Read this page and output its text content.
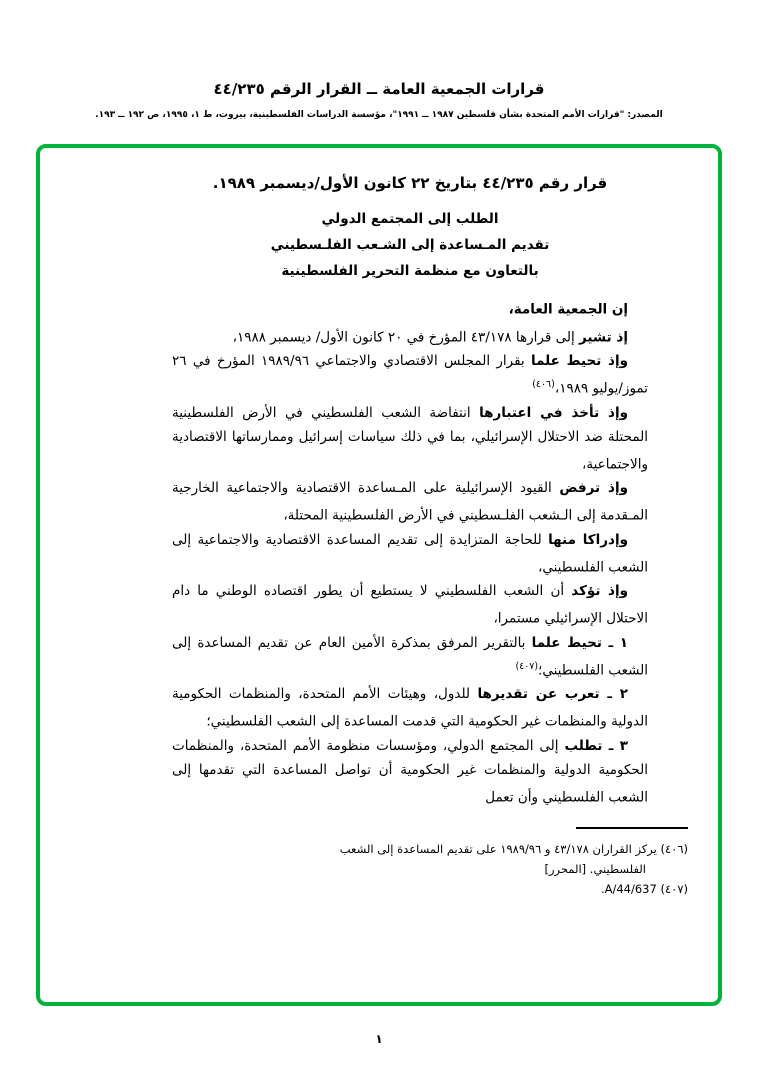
قرارات الجمعية العامة ــ القرار الرقم ٤٤/٢٣٥

المصدر: "قرارات الأمم المتحدة بشأن فلسطين ١٩٨٧ ــ ١٩٩١"، مؤسسة الدراسات الفلسطينية، بيروت، ط ١، ١٩٩٥، ص ١٩٢ ــ ١٩٣.

قرار رقم ٤٤/٢٣٥ بتاريخ ٢٢ كانون الأول/ديسمبر ١٩٨٩.

الطلب إلى المجتمع الدولي

تقديم المـساعدة إلى الشـعب الفلـسطيني

بالتعاون مع منظمة التحرير الفلسطينية

إن الجمعية العامة،

إذ تشير إلى قرارها ٤٣/١٧٨ المؤرخ في ٢٠ كانون الأول/ ديسمبر ١٩٨٨،

وإذ تحيط علما بقرار المجلس الاقتصادي والاجتماعي ١٩٨٩/٩٦ المؤرخ في ٢٦ تموز/يوليو ١٩٨٩،$^{(٤٠٦)}$

وإذ تأخذ في اعتبارها انتفاضة الشعب الفلسطيني في الأرض الفلسطينية المحتلة ضد الاحتلال الإسرائيلي، بما في ذلك سياسات إسرائيل وممارساتها الاقتصادية والاجتماعية،

وإذ ترفض القيود الإسرائيلية على المـساعدة الاقتصادية والاجتماعية الخارجية المـقدمة إلى الـشعب الفلـسطيني في الأرض الفلسطينية المحتلة،

وإدراكا منها للحاجة المتزايدة إلى تقديم المساعدة الاقتصادية والاجتماعية إلى الشعب الفلسطيني،

وإذ تؤكد أن الشعب الفلسطيني لا يستطيع أن يطور اقتصاده الوطني ما دام الاحتلال الإسرائيلي مستمرا،

١ ـ تحيط علما بالتقرير المرفق بمذكرة الأمين العام عن تقديم المساعدة إلى الشعب الفلسطيني؛$^{(٤٠٧)}$

٢ ـ تعرب عن تقديرها للدول، وهيئات الأمم المتحدة، والمنظمات الحكومية الدولية والمنظمات غير الحكومية التي قدمت المساعدة إلى الشعب الفلسطيني؛

٣ ـ تطلب إلى المجتمع الدولي، ومؤسسات منظومة الأمم المتحدة، والمنظمات الحكومية الدولية والمنظمات غير الحكومية أن تواصل المساعدة التي تقدمها إلى الشعب الفلسطيني وأن تعمل

(٤٠٦) يركز القراران ٤٣/١٧٨ و ١٩٨٩/٩٦ على تقديم المساعدة إلى الشعب الفلسطيني. [المحرر]

(٤٠٧) A/44/637.

١
